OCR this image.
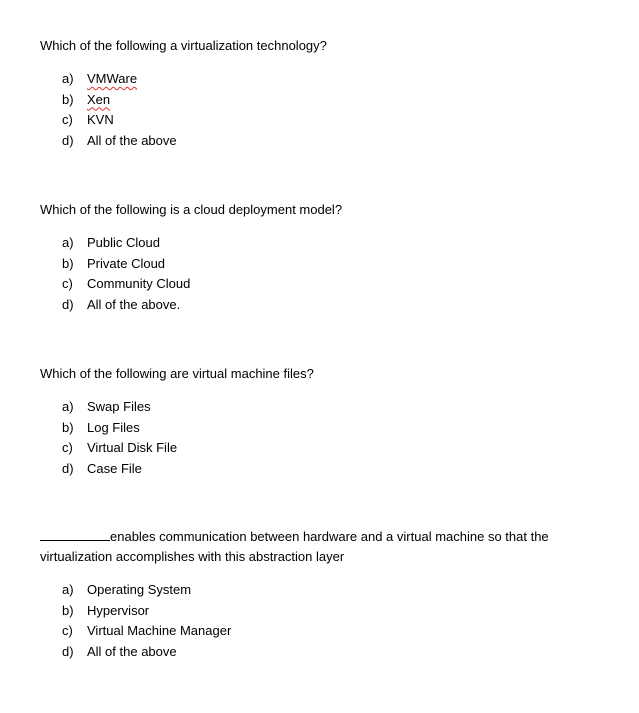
Which of the following a virtualization technology?

a) VMWare
b) Xen
c) KVN
d) All of the above

Which of the following is a cloud deployment model?

a) Public Cloud
b) Private Cloud
c) Community Cloud
d) All of the above.

Which of the following are virtual machine files?

a) Swap Files
b) Log Files
c) Virtual Disk File
d) Case File

enables communication between hardware and a virtual machine so that the
virtualization accomplishes with this abstraction layer

a) Operating System
b) Hypervisor
c) Virtual Machine Manager
d) All of the above
